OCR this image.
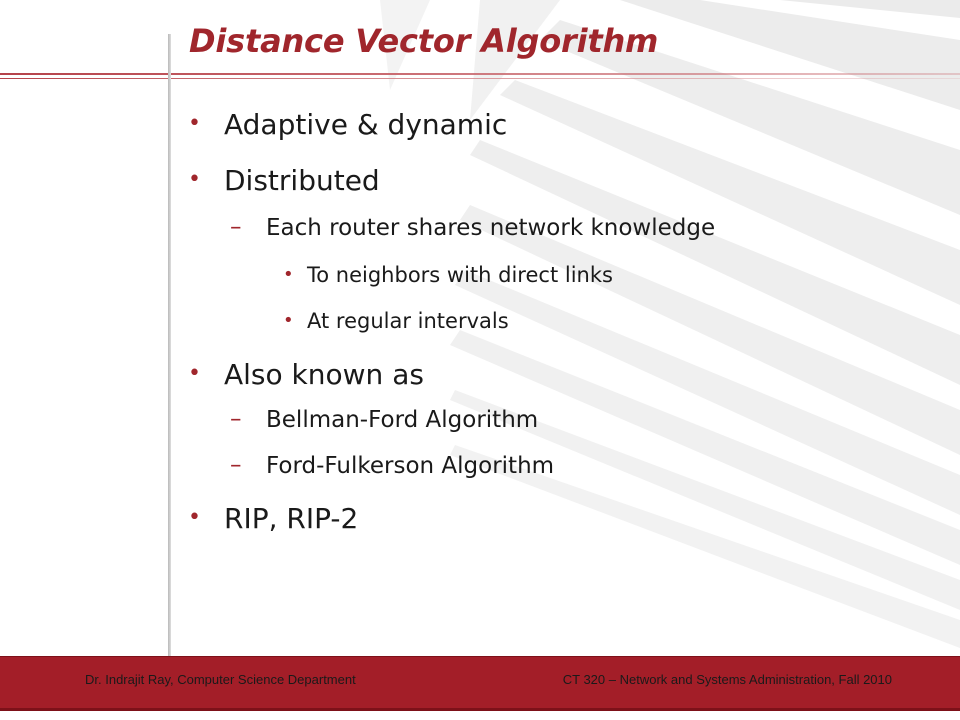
Distance Vector Algorithm
• Adaptive & dynamic
• Distributed
– Each router shares network knowledge
• To neighbors with direct links
• At regular intervals
• Also known as
– Bellman-Ford Algorithm
– Ford-Fulkerson Algorithm
• RIP, RIP-2
Dr. Indrajit Ray, Computer Science Department	CT 320 – Network and Systems Administration, Fall 2010
